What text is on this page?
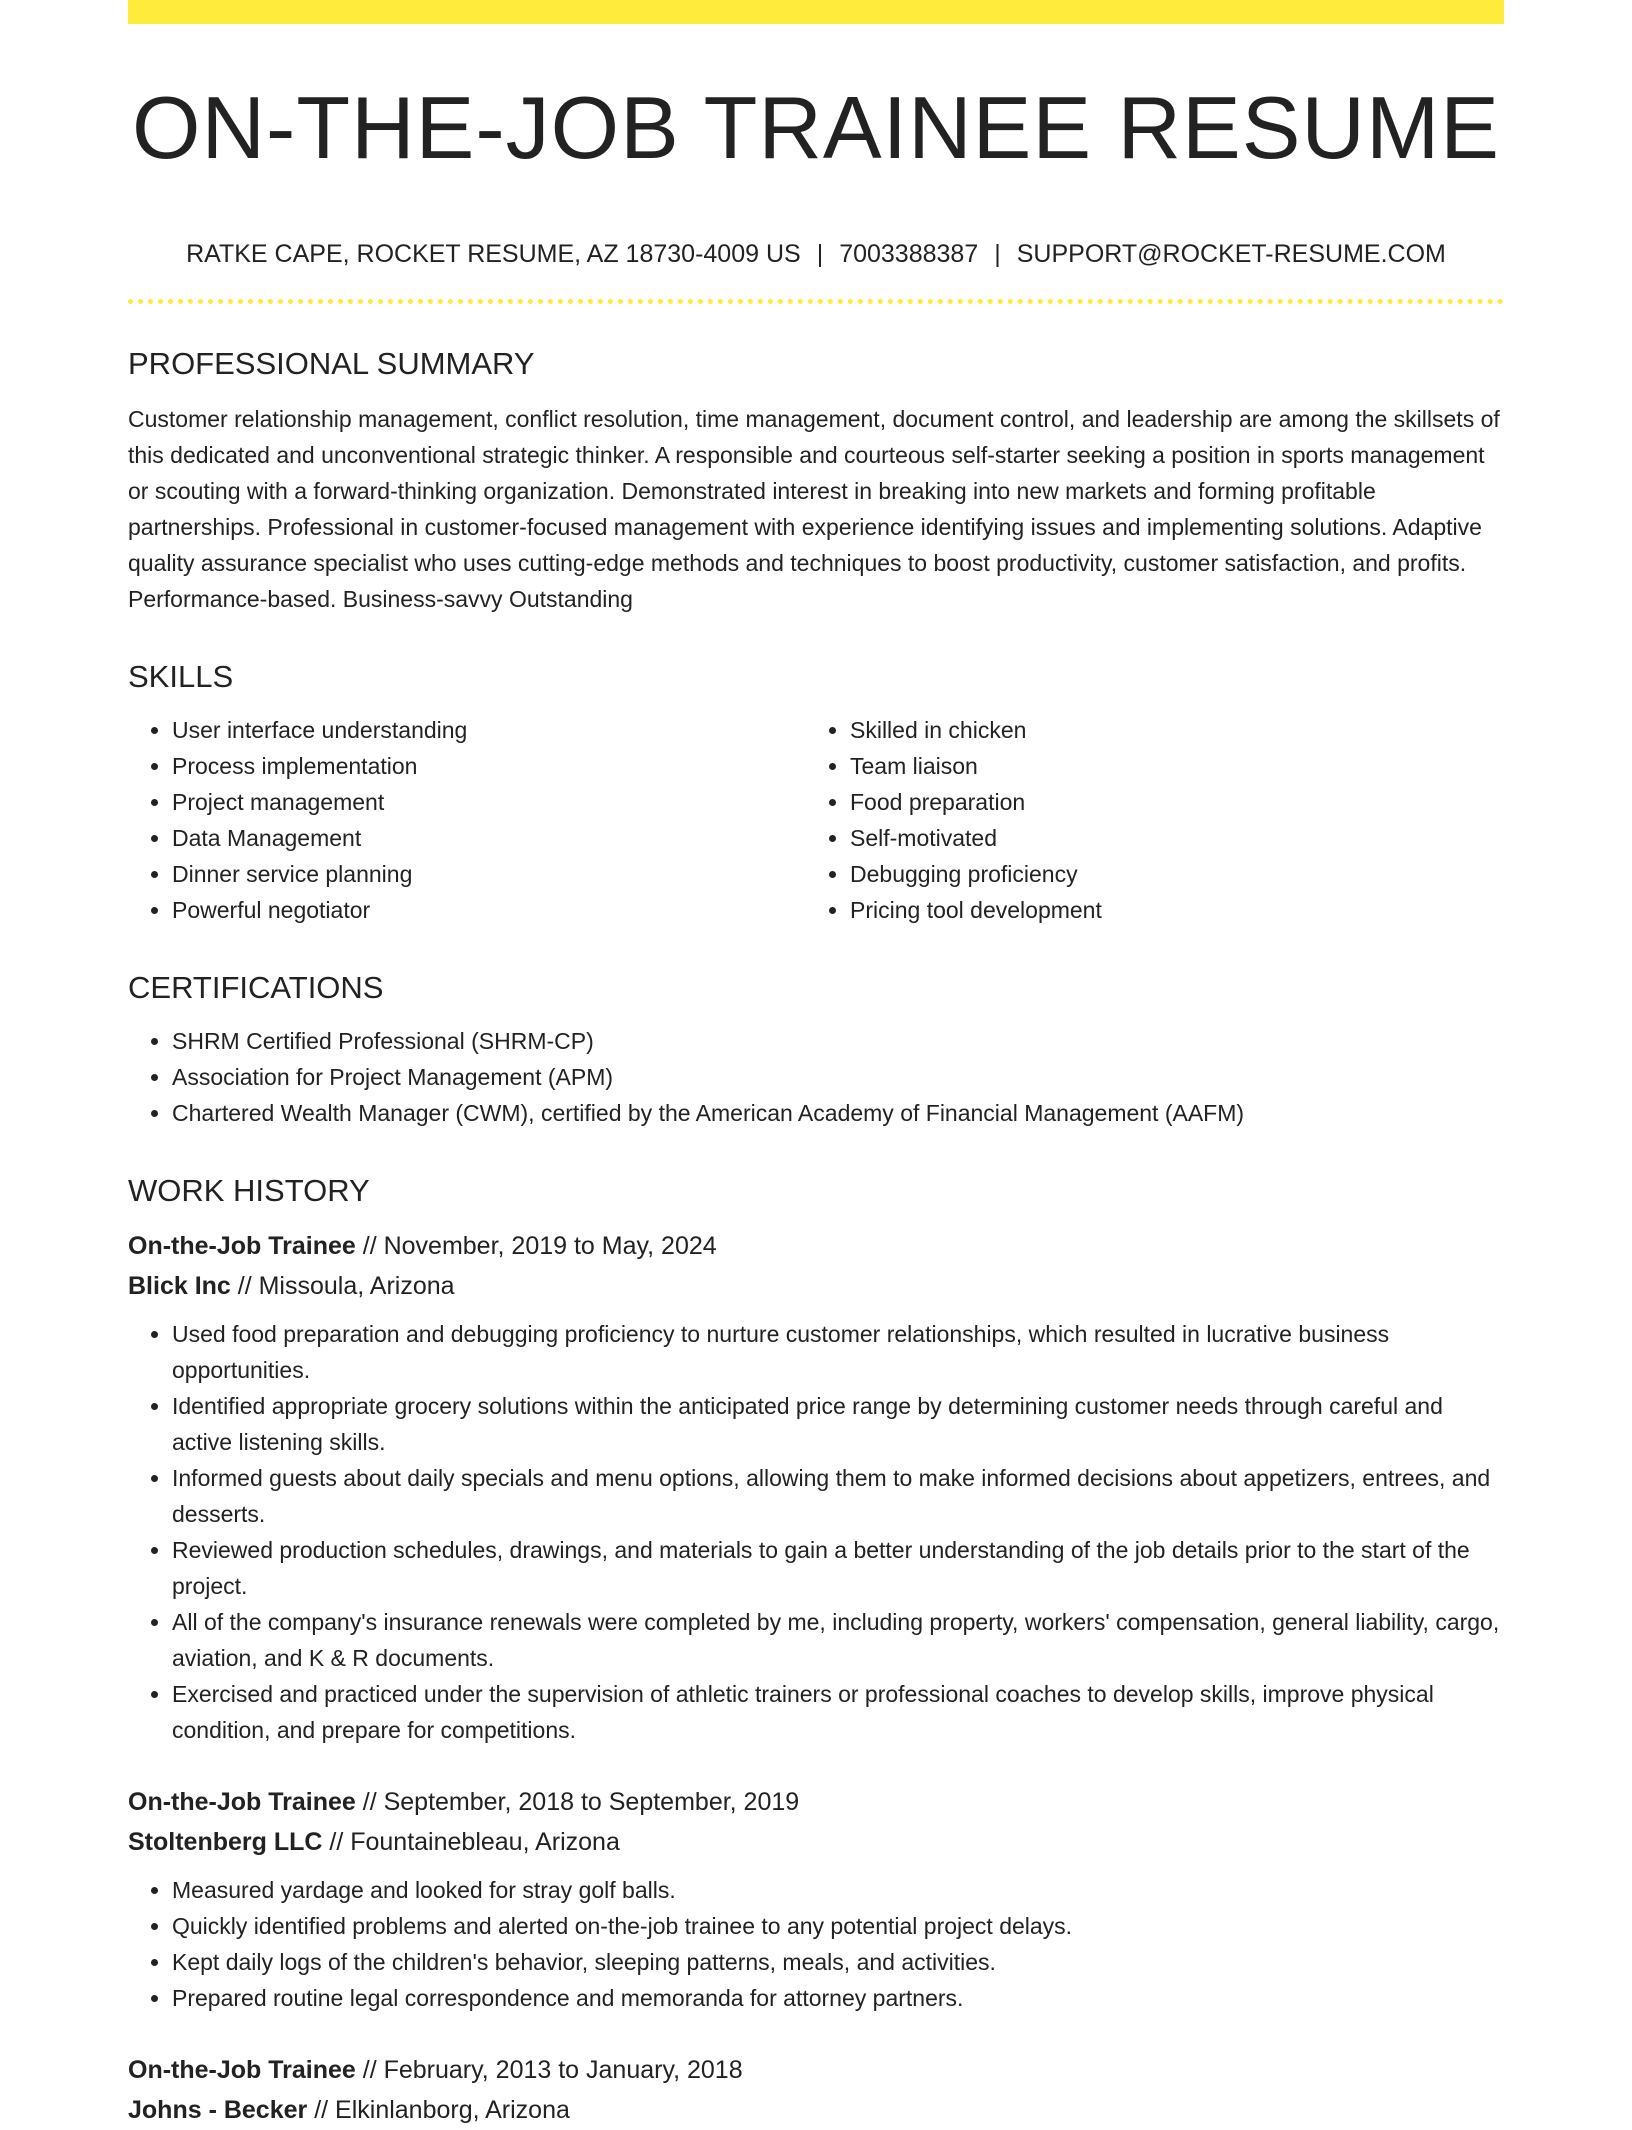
ON-THE-JOB TRAINEE RESUME
RATKE CAPE, ROCKET RESUME, AZ 18730-4009 US | 7003388387 | SUPPORT@ROCKET-RESUME.COM
PROFESSIONAL SUMMARY
Customer relationship management, conflict resolution, time management, document control, and leadership are among the skillsets of this dedicated and unconventional strategic thinker. A responsible and courteous self-starter seeking a position in sports management or scouting with a forward-thinking organization. Demonstrated interest in breaking into new markets and forming profitable partnerships. Professional in customer-focused management with experience identifying issues and implementing solutions. Adaptive quality assurance specialist who uses cutting-edge methods and techniques to boost productivity, customer satisfaction, and profits. Performance-based. Business-savvy Outstanding
SKILLS
• User interface understanding
• Process implementation
• Project management
• Data Management
• Dinner service planning
• Powerful negotiator
• Skilled in chicken
• Team liaison
• Food preparation
• Self-motivated
• Debugging proficiency
• Pricing tool development
CERTIFICATIONS
• SHRM Certified Professional (SHRM-CP)
• Association for Project Management (APM)
• Chartered Wealth Manager (CWM), certified by the American Academy of Financial Management (AAFM)
WORK HISTORY
On-the-Job Trainee // November, 2019 to May, 2024
Blick Inc // Missoula, Arizona
• Used food preparation and debugging proficiency to nurture customer relationships, which resulted in lucrative business opportunities.
• Identified appropriate grocery solutions within the anticipated price range by determining customer needs through careful and active listening skills.
• Informed guests about daily specials and menu options, allowing them to make informed decisions about appetizers, entrees, and desserts.
• Reviewed production schedules, drawings, and materials to gain a better understanding of the job details prior to the start of the project.
• All of the company's insurance renewals were completed by me, including property, workers' compensation, general liability, cargo, aviation, and K & R documents.
• Exercised and practiced under the supervision of athletic trainers or professional coaches to develop skills, improve physical condition, and prepare for competitions.
On-the-Job Trainee // September, 2018 to September, 2019
Stoltenberg LLC // Fountainebleau, Arizona
• Measured yardage and looked for stray golf balls.
• Quickly identified problems and alerted on-the-job trainee to any potential project delays.
• Kept daily logs of the children's behavior, sleeping patterns, meals, and activities.
• Prepared routine legal correspondence and memoranda for attorney partners.
On-the-Job Trainee // February, 2013 to January, 2018
Johns - Becker // Elkinlanborg, Arizona
